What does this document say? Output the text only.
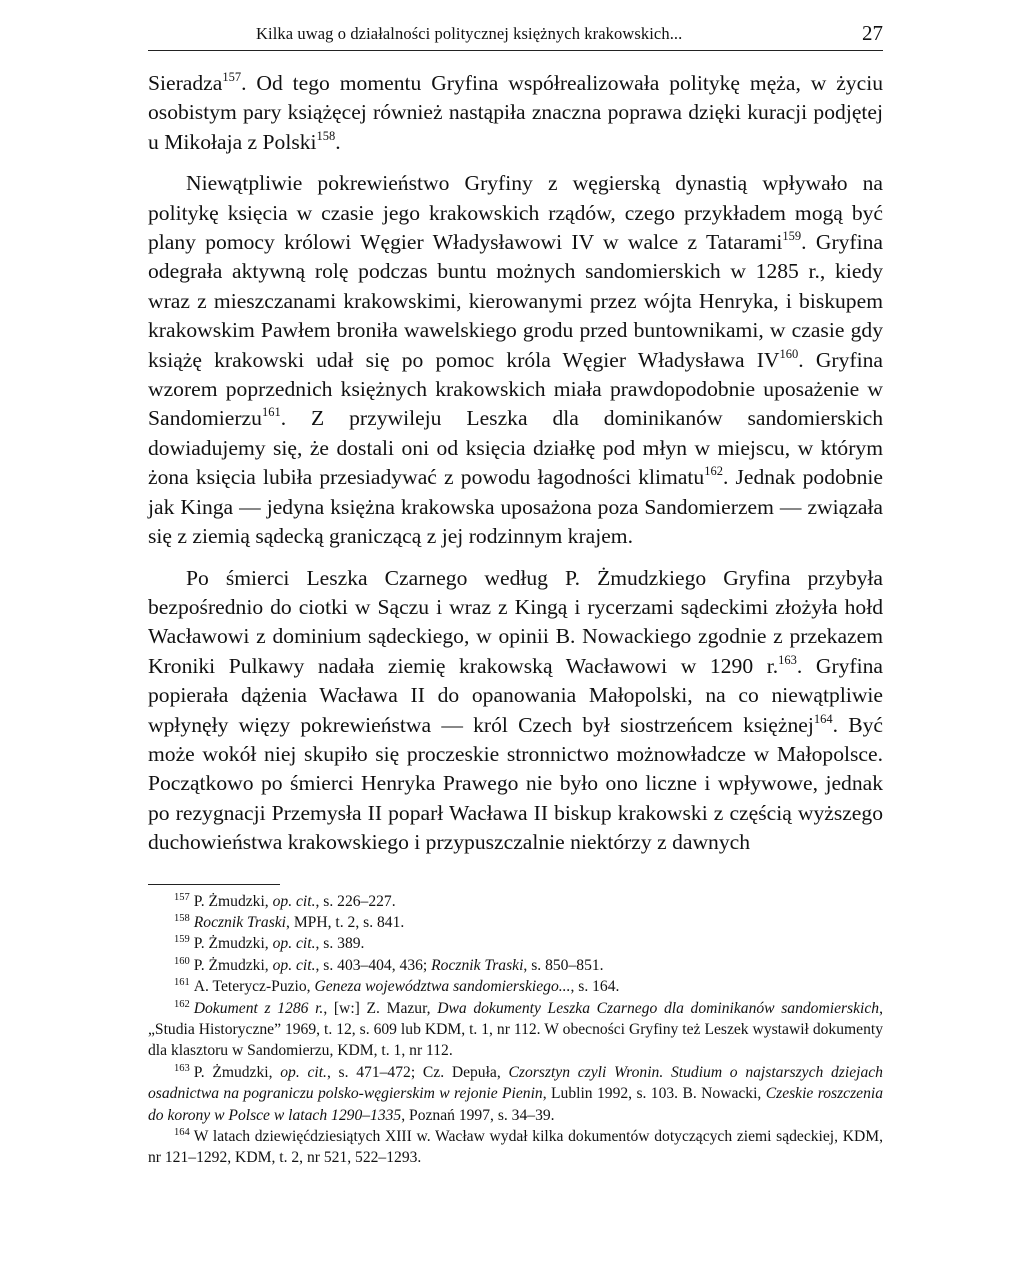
Kilka uwag o działalności politycznej księżnych krakowskich...	27

Sieradza$^{157}$. Od tego momentu Gryfina współrealizowała politykę męża, w życiu osobistym pary książęcej również nastąpiła znaczna poprawa dzięki kuracji podjętej u Mikołaja z Polski$^{158}$.

Niewątpliwie pokrewieństwo Gryfiny z węgierską dynastią wpływało na politykę księcia w czasie jego krakowskich rządów, czego przykładem mogą być plany pomocy królowi Węgier Władysławowi IV w walce z Tatarami$^{159}$. Gryfina odegrała aktywną rolę podczas buntu możnych sandomierskich w 1285 r., kiedy wraz z mieszczanami krakowskimi, kierowanymi przez wójta Henryka, i biskupem krakowskim Pawłem broniła wawelskiego grodu przed buntownikami, w czasie gdy książę krakowski udał się po pomoc króla Węgier Władysława IV$^{160}$. Gryfina wzorem poprzednich księżnych krakowskich miała prawdopodobnie uposażenie w Sandomierzu$^{161}$. Z przywileju Leszka dla dominikanów sandomierskich dowiadujemy się, że dostali oni od księcia działkę pod młyn w miejscu, w którym żona księcia lubiła przesiadywać z powodu łagodności klimatu$^{162}$. Jednak podobnie jak Kinga — jedyna księżna krakowska uposażona poza Sandomierzem — związała się z ziemią sądecką graniczącą z jej rodzinnym krajem.

Po śmierci Leszka Czarnego według P. Żmudzkiego Gryfina przybyła bezpośrednio do ciotki w Sączu i wraz z Kingą i rycerzami sądeckimi złożyła hołd Wacławowi z dominium sądeckiego, w opinii B. Nowackiego zgodnie z przekazem Kroniki Pulkawy nadała ziemię krakowską Wacławowi w 1290 r.$^{163}$. Gryfina popierała dążenia Wacława II do opanowania Małopolski, na co niewątpliwie wpłynęły więzy pokrewieństwa — król Czech był siostrzeńcem księżnej$^{164}$. Być może wokół niej skupiło się proczeskie stronnictwo możnowładcze w Małopolsce. Początkowo po śmierci Henryka Prawego nie było ono liczne i wpływowe, jednak po rezygnacji Przemysła II poparł Wacława II biskup krakowski z częścią wyższego duchowieństwa krakowskiego i przypuszczalnie niektórzy z dawnych

$^{157}$ P. Żmudzki, op. cit., s. 226–227.

$^{158}$ Rocznik Traski, MPH, t. 2, s. 841.

$^{159}$ P. Żmudzki, op. cit., s. 389.

$^{160}$ P. Żmudzki, op. cit., s. 403–404, 436; Rocznik Traski, s. 850–851.

$^{161}$ A. Teterycz-Puzio, Geneza województwa sandomierskiego..., s. 164.

$^{162}$ Dokument z 1286 r., [w:] Z. Mazur, Dwa dokumenty Leszka Czarnego dla dominikanów sandomierskich, „Studia Historyczne” 1969, t. 12, s. 609 lub KDM, t. 1, nr 112. W obecności Gryfiny też Leszek wystawił dokumenty dla klasztoru w Sandomierzu, KDM, t. 1, nr 112.

$^{163}$ P. Żmudzki, op. cit., s. 471–472; Cz. Depuła, Czorsztyn czyli Wronin. Studium o najstarszych dziejach osadnictwa na pograniczu polsko-węgierskim w rejonie Pienin, Lublin 1992, s. 103. B. Nowacki, Czeskie roszczenia do korony w Polsce w latach 1290–1335, Poznań 1997, s. 34–39.

$^{164}$ W latach dziewięćdziesiątych XIII w. Wacław wydał kilka dokumentów dotyczących ziemi sądeckiej, KDM, nr 121–1292, KDM, t. 2, nr 521, 522–1293.
